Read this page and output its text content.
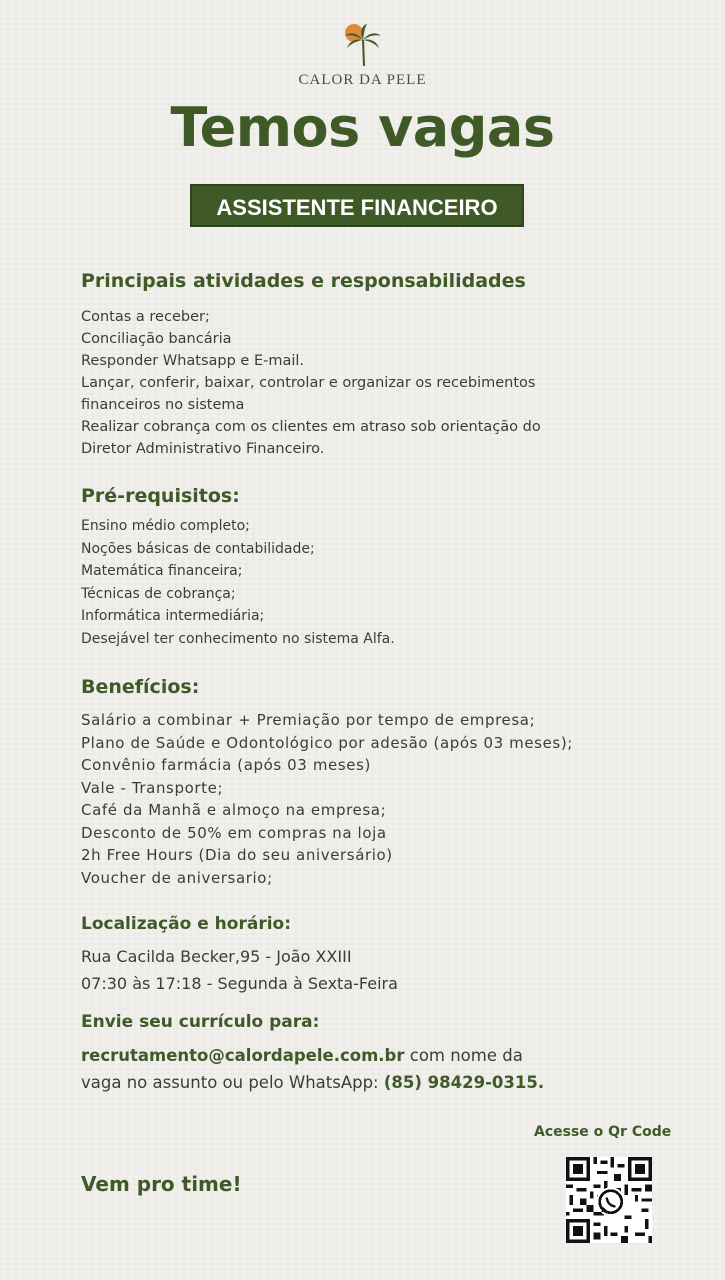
CALOR DA PELE
Temos vagas
ASSISTENTE FINANCEIRO
Principais atividades e responsabilidades
Contas a receber;
Conciliação bancária
Responder Whatsapp e E-mail.
Lançar, conferir, baixar, controlar e organizar os recebimentos
financeiros no sistema
Realizar cobrança com os clientes em atraso sob orientação do
Diretor Administrativo Financeiro.
Pré-requisitos:
Ensino médio completo;
Noções básicas de contabilidade;
Matemática financeira;
Técnicas de cobrança;
Informática intermediária;
Desejável ter conhecimento no sistema Alfa.
Benefícios:
Salário a combinar + Premiação por tempo de empresa;
Plano de Saúde e Odontológico por adesão (após 03 meses);
Convênio farmácia (após 03 meses)
Vale - Transporte;
Café da Manhã e almoço na empresa;
Desconto de 50% em compras na loja
2h Free Hours (Dia do seu aniversário)
Voucher de aniversario;
Localização e horário:
Rua Cacilda Becker,95 - João XXIII
07:30 às 17:18 - Segunda à Sexta-Feira
Envie seu currículo para:

recrutamento@calordapele.com.br com nome da
vaga no assunto ou pelo WhatsApp: (85) 98429-0315.

Acesse o Qr Code
Vem pro time!
